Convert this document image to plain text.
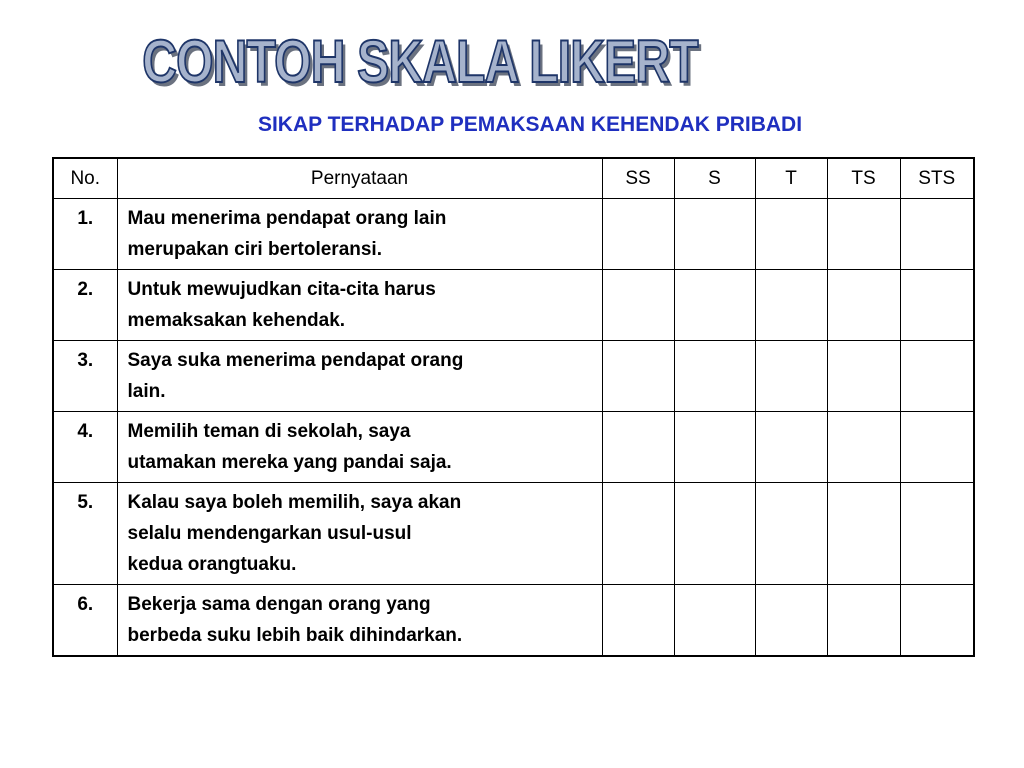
CONTOH SKALA LIKERT
SIKAP TERHADAP PEMAKSAAN KEHENDAK PRIBADI
No.	Pernyataan	SS	S	T	TS	STS
1.	Mau menerima pendapat orang lain
merupakan ciri bertoleransi.					

2.	Untuk mewujudkan cita-cita harus
memaksakan kehendak.					

3.	Saya suka menerima pendapat orang
lain.					

4.	Memilih teman di sekolah, saya
utamakan mereka yang pandai saja.					

5.	Kalau saya boleh memilih, saya akan
selalu mendengarkan usul-usul
kedua orangtuaku.					

6.	Bekerja sama dengan orang yang
berbeda suku lebih baik dihindarkan.					
